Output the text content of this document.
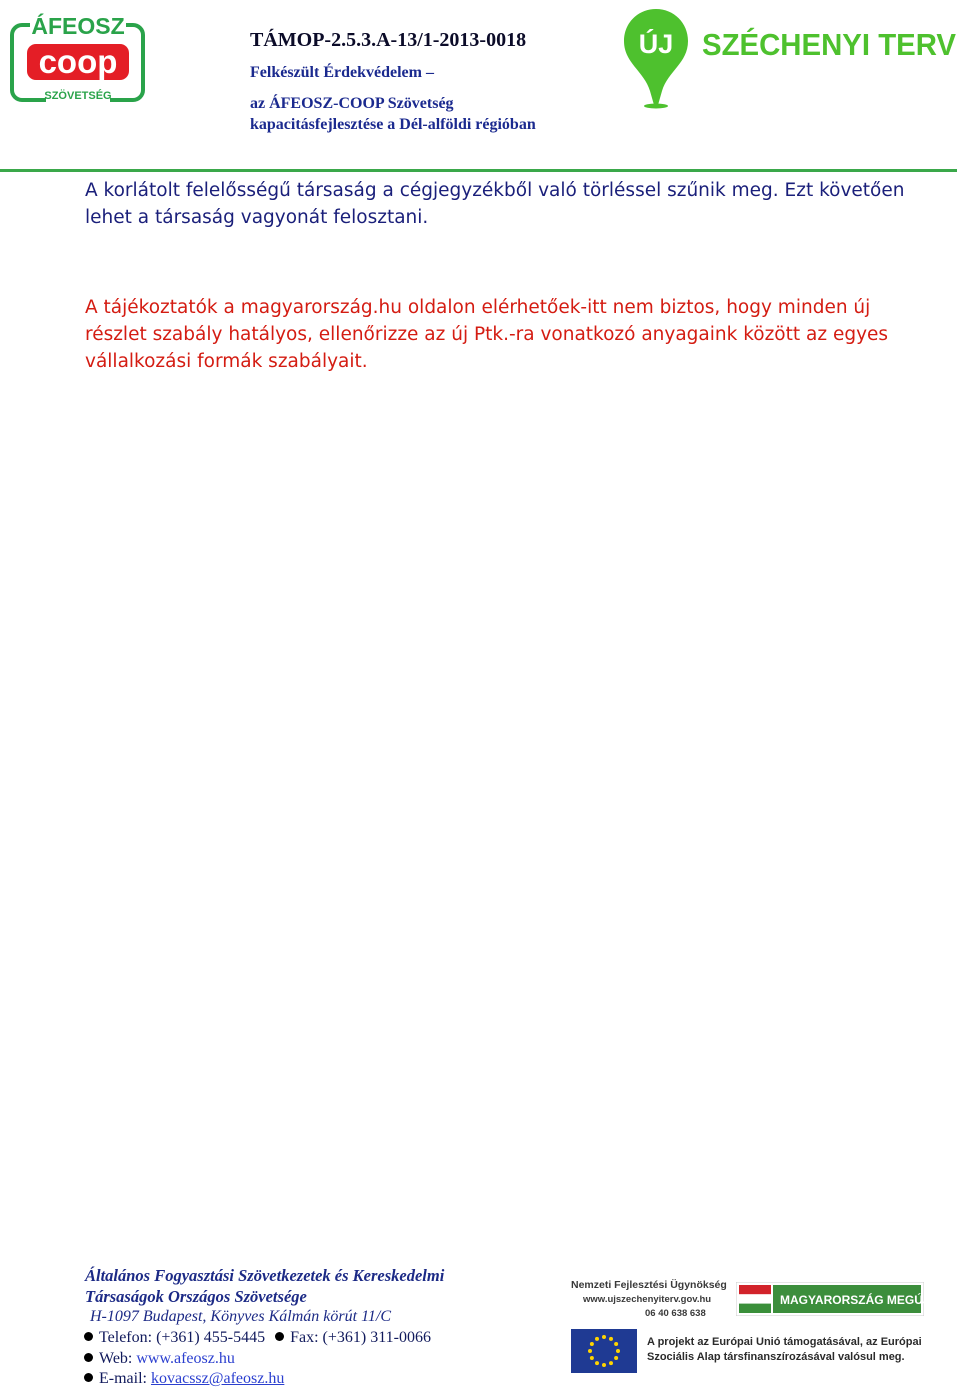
ÁFEOSZ
coop
SZÖVETSÉG
TÁMOP-2.5.3.A-13/1-2013-0018
Felkészült Érdekvédelem –
az ÁFEOSZ-COOP Szövetség
kapacitásfejlesztése a Dél-alföldi régióban
ÚJ SZÉCHENYI TERV
A korlátolt felelősségű társaság a cégjegyzékből való törléssel szűnik meg. Ezt követően lehet a társaság vagyonát felosztani.
A tájékoztatók a magyarország.hu oldalon elérhetőek-itt nem biztos, hogy minden új részlet szabály hatályos, ellenőrizze az új Ptk.-ra vonatkozó anyagaink között az egyes vállalkozási formák szabályait.
Általános Fogyasztási Szövetkezetek és Kereskedelmi
Társaságok Országos Szövetsége
H-1097 Budapest, Könyves Kálmán körút 11/C
Telefon: (+361) 455-5445 Fax: (+361) 311-0066
Web: www.afeosz.hu
E-mail: kovacssz@afeosz.hu
Nemzeti Fejlesztési Ügynökség
www.ujszechenyiterv.gov.hu
06 40 638 638
MAGYARORSZÁG MEGÚJUL
A projekt az Európai Unió támogatásával, az Európai
Szociális Alap társfinanszírozásával valósul meg.
